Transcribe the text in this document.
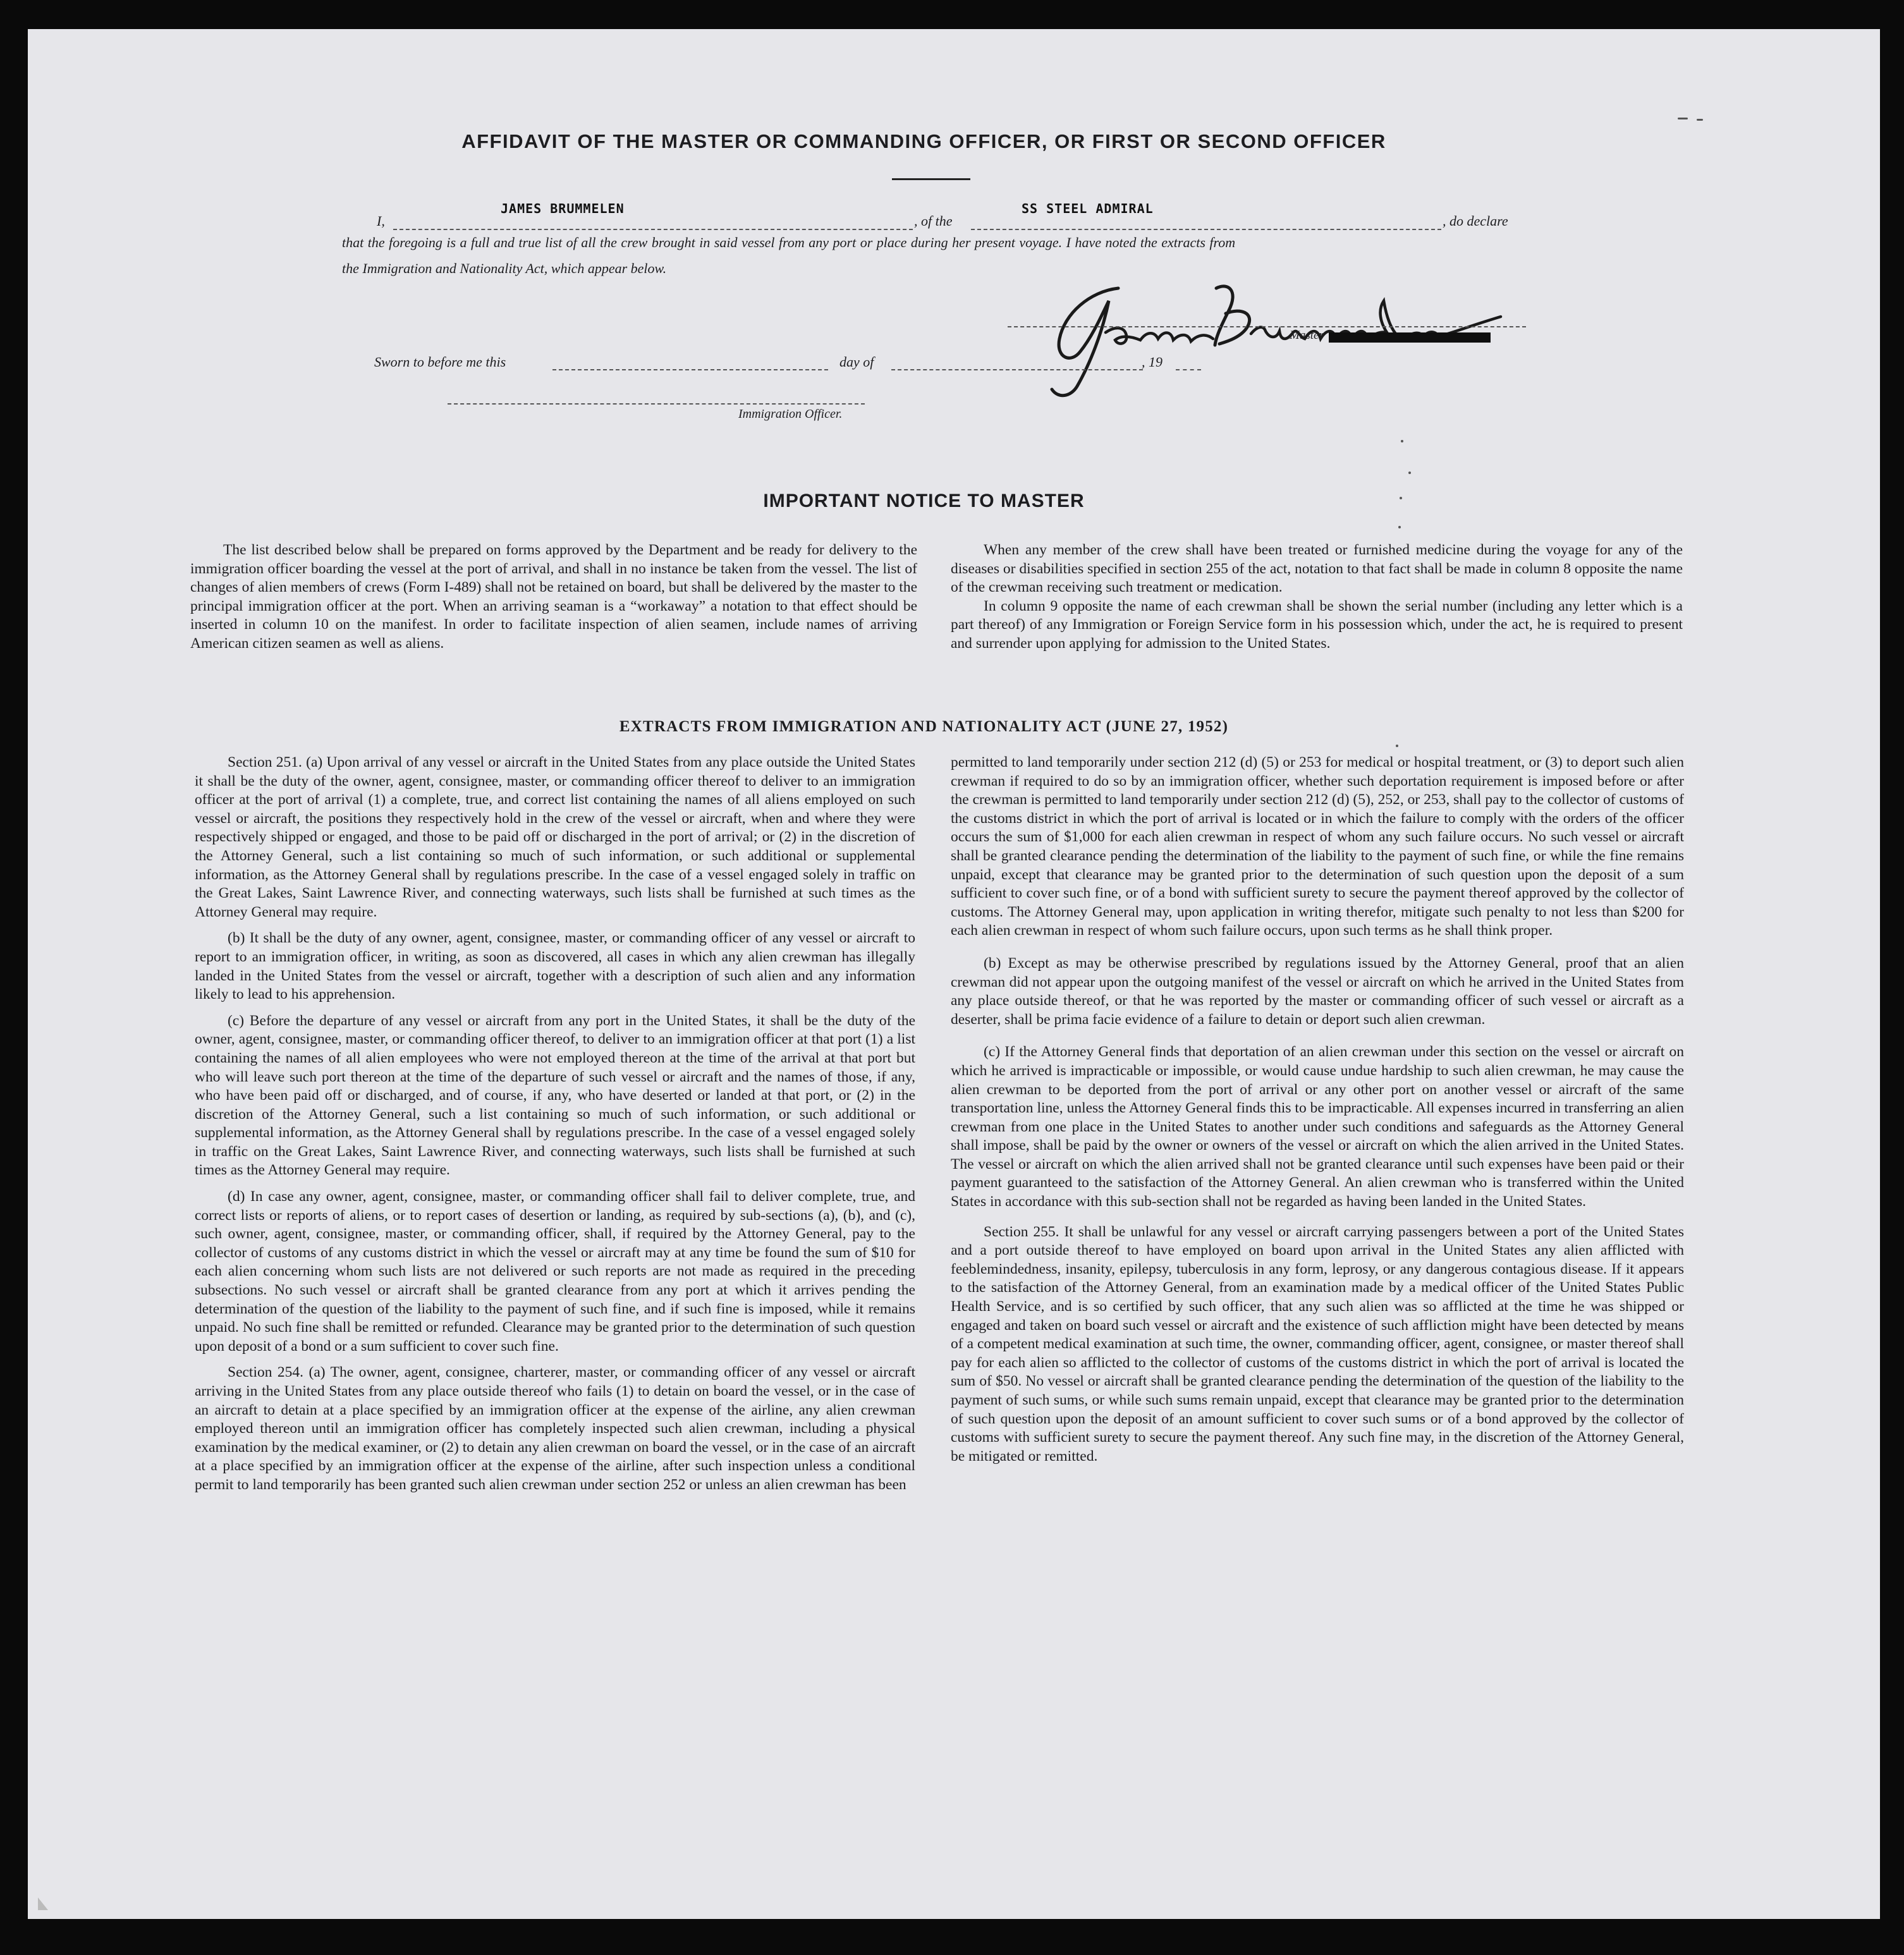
AFFIDAVIT OF THE MASTER OR COMMANDING OFFICER, OR FIRST OR SECOND OFFICER
I,
JAMES BRUMMELEN
, of the
SS STEEL ADMIRAL
, do declare
that the foregoing is a full and true list of all the crew brought in said vessel from any port or place during her present voyage. I have noted the extracts from
the Immigration and Nationality Act, which appear below.
Master
Sworn to before me this	day of	, 19
Immigration Officer.
IMPORTANT NOTICE TO MASTER

The list described below shall be prepared on forms approved by the Department and be ready for delivery to the immigration officer boarding the vessel at the port of arrival, and shall in no instance be taken from the vessel. The list of changes of alien members of crews (Form I-489) shall not be retained on board, but shall be delivered by the master to the principal immigration officer at the port. When an arriving seaman is a “workaway” a notation to that effect should be inserted in column 10 on the manifest. In order to facilitate inspection of alien seamen, include names of arriving American citizen seamen as well as aliens.

When any member of the crew shall have been treated or furnished medicine during the voyage for any of the diseases or disabilities specified in section 255 of the act, notation to that fact shall be made in column 8 opposite the name of the crewman receiving such treatment or medication.

In column 9 opposite the name of each crewman shall be shown the serial number (including any letter which is a part thereof) of any Immigration or Foreign Service form in his possession which, under the act, he is required to present and surrender upon applying for admission to the United States.

EXTRACTS FROM IMMIGRATION AND NATIONALITY ACT (JUNE 27, 1952)

Section 251. (a) Upon arrival of any vessel or aircraft in the United States from any place outside the United States it shall be the duty of the owner, agent, consignee, master, or commanding officer thereof to deliver to an immigration officer at the port of arrival (1) a complete, true, and correct list containing the names of all aliens employed on such vessel or aircraft, the positions they respectively hold in the crew of the vessel or aircraft, when and where they were respectively shipped or engaged, and those to be paid off or discharged in the port of arrival; or (2) in the discretion of the Attorney General, such a list containing so much of such information, or such additional or supplemental information, as the Attorney General shall by regulations prescribe. In the case of a vessel engaged solely in traffic on the Great Lakes, Saint Lawrence River, and connecting waterways, such lists shall be furnished at such times as the Attorney General may require.

(b) It shall be the duty of any owner, agent, consignee, master, or commanding officer of any vessel or aircraft to report to an immigration officer, in writing, as soon as discovered, all cases in which any alien crewman has illegally landed in the United States from the vessel or aircraft, together with a description of such alien and any information likely to lead to his apprehension.

(c) Before the departure of any vessel or aircraft from any port in the United States, it shall be the duty of the owner, agent, consignee, master, or commanding officer thereof, to deliver to an immigration officer at that port (1) a list containing the names of all alien employees who were not employed thereon at the time of the arrival at that port but who will leave such port thereon at the time of the departure of such vessel or aircraft and the names of those, if any, who have been paid off or discharged, and of course, if any, who have deserted or landed at that port, or (2) in the discretion of the Attorney General, such a list containing so much of such information, or such additional or supplemental information, as the Attorney General shall by regulations prescribe. In the case of a vessel engaged solely in traffic on the Great Lakes, Saint Lawrence River, and connecting waterways, such lists shall be furnished at such times as the Attorney General may require.

(d) In case any owner, agent, consignee, master, or commanding officer shall fail to deliver complete, true, and correct lists or reports of aliens, or to report cases of desertion or landing, as required by sub-sections (a), (b), and (c), such owner, agent, consignee, master, or commanding officer, shall, if required by the Attorney General, pay to the collector of customs of any customs district in which the vessel or aircraft may at any time be found the sum of $10 for each alien concerning whom such lists are not delivered or such reports are not made as required in the preceding subsections. No such vessel or aircraft shall be granted clearance from any port at which it arrives pending the determination of the question of the liability to the payment of such fine, and if such fine is imposed, while it remains unpaid. No such fine shall be remitted or refunded. Clearance may be granted prior to the determination of such question upon deposit of a bond or a sum sufficient to cover such fine.

Section 254. (a) The owner, agent, consignee, charterer, master, or commanding officer of any vessel or aircraft arriving in the United States from any place outside thereof who fails (1) to detain on board the vessel, or in the case of an aircraft to detain at a place specified by an immigration officer at the expense of the airline, any alien crewman employed thereon until an immigration officer has completely inspected such alien crewman, including a physical examination by the medical examiner, or (2) to detain any alien crewman on board the vessel, or in the case of an aircraft at a place specified by an immigration officer at the expense of the airline, after such inspection unless a conditional permit to land temporarily has been granted such alien crewman under section 252 or unless an alien crewman has been

permitted to land temporarily under section 212 (d) (5) or 253 for medical or hospital treatment, or (3) to deport such alien crewman if required to do so by an immigration officer, whether such deportation requirement is imposed before or after the crewman is permitted to land temporarily under section 212 (d) (5), 252, or 253, shall pay to the collector of customs of the customs district in which the port of arrival is located or in which the failure to comply with the orders of the officer occurs the sum of $1,000 for each alien crewman in respect of whom any such failure occurs. No such vessel or aircraft shall be granted clearance pending the determination of the liability to the payment of such fine, or while the fine remains unpaid, except that clearance may be granted prior to the determination of such question upon the deposit of a sum sufficient to cover such fine, or of a bond with sufficient surety to secure the payment thereof approved by the collector of customs. The Attorney General may, upon application in writing therefor, mitigate such penalty to not less than $200 for each alien crewman in respect of whom such failure occurs, upon such terms as he shall think proper.

(b) Except as may be otherwise prescribed by regulations issued by the Attorney General, proof that an alien crewman did not appear upon the outgoing manifest of the vessel or aircraft on which he arrived in the United States from any place outside thereof, or that he was reported by the master or commanding officer of such vessel or aircraft as a deserter, shall be prima facie evidence of a failure to detain or deport such alien crewman.

(c) If the Attorney General finds that deportation of an alien crewman under this section on the vessel or aircraft on which he arrived is impracticable or impossible, or would cause undue hardship to such alien crewman, he may cause the alien crewman to be deported from the port of arrival or any other port on another vessel or aircraft of the same transportation line, unless the Attorney General finds this to be impracticable. All expenses incurred in transferring an alien crewman from one place in the United States to another under such conditions and safeguards as the Attorney General shall impose, shall be paid by the owner or owners of the vessel or aircraft on which the alien arrived in the United States. The vessel or aircraft on which the alien arrived shall not be granted clearance until such expenses have been paid or their payment guaranteed to the satisfaction of the Attorney General. An alien crewman who is transferred within the United States in accordance with this sub-section shall not be regarded as having been landed in the United States.

Section 255. It shall be unlawful for any vessel or aircraft carrying passengers between a port of the United States and a port outside thereof to have employed on board upon arrival in the United States any alien afflicted with feeblemindedness, insanity, epilepsy, tuberculosis in any form, leprosy, or any dangerous contagious disease. If it appears to the satisfaction of the Attorney General, from an examination made by a medical officer of the United States Public Health Service, and is so certified by such officer, that any such alien was so afflicted at the time he was shipped or engaged and taken on board such vessel or aircraft and the existence of such affliction might have been detected by means of a competent medical examination at such time, the owner, commanding officer, agent, consignee, or master thereof shall pay for each alien so afflicted to the collector of customs of the customs district in which the port of arrival is located the sum of $50. No vessel or aircraft shall be granted clearance pending the determination of the question of the liability to the payment of such sums, or while such sums remain unpaid, except that clearance may be granted prior to the determination of such question upon the deposit of an amount sufficient to cover such sums or of a bond approved by the collector of customs with sufficient surety to secure the payment thereof. Any such fine may, in the discretion of the Attorney General, be mitigated or remitted.
